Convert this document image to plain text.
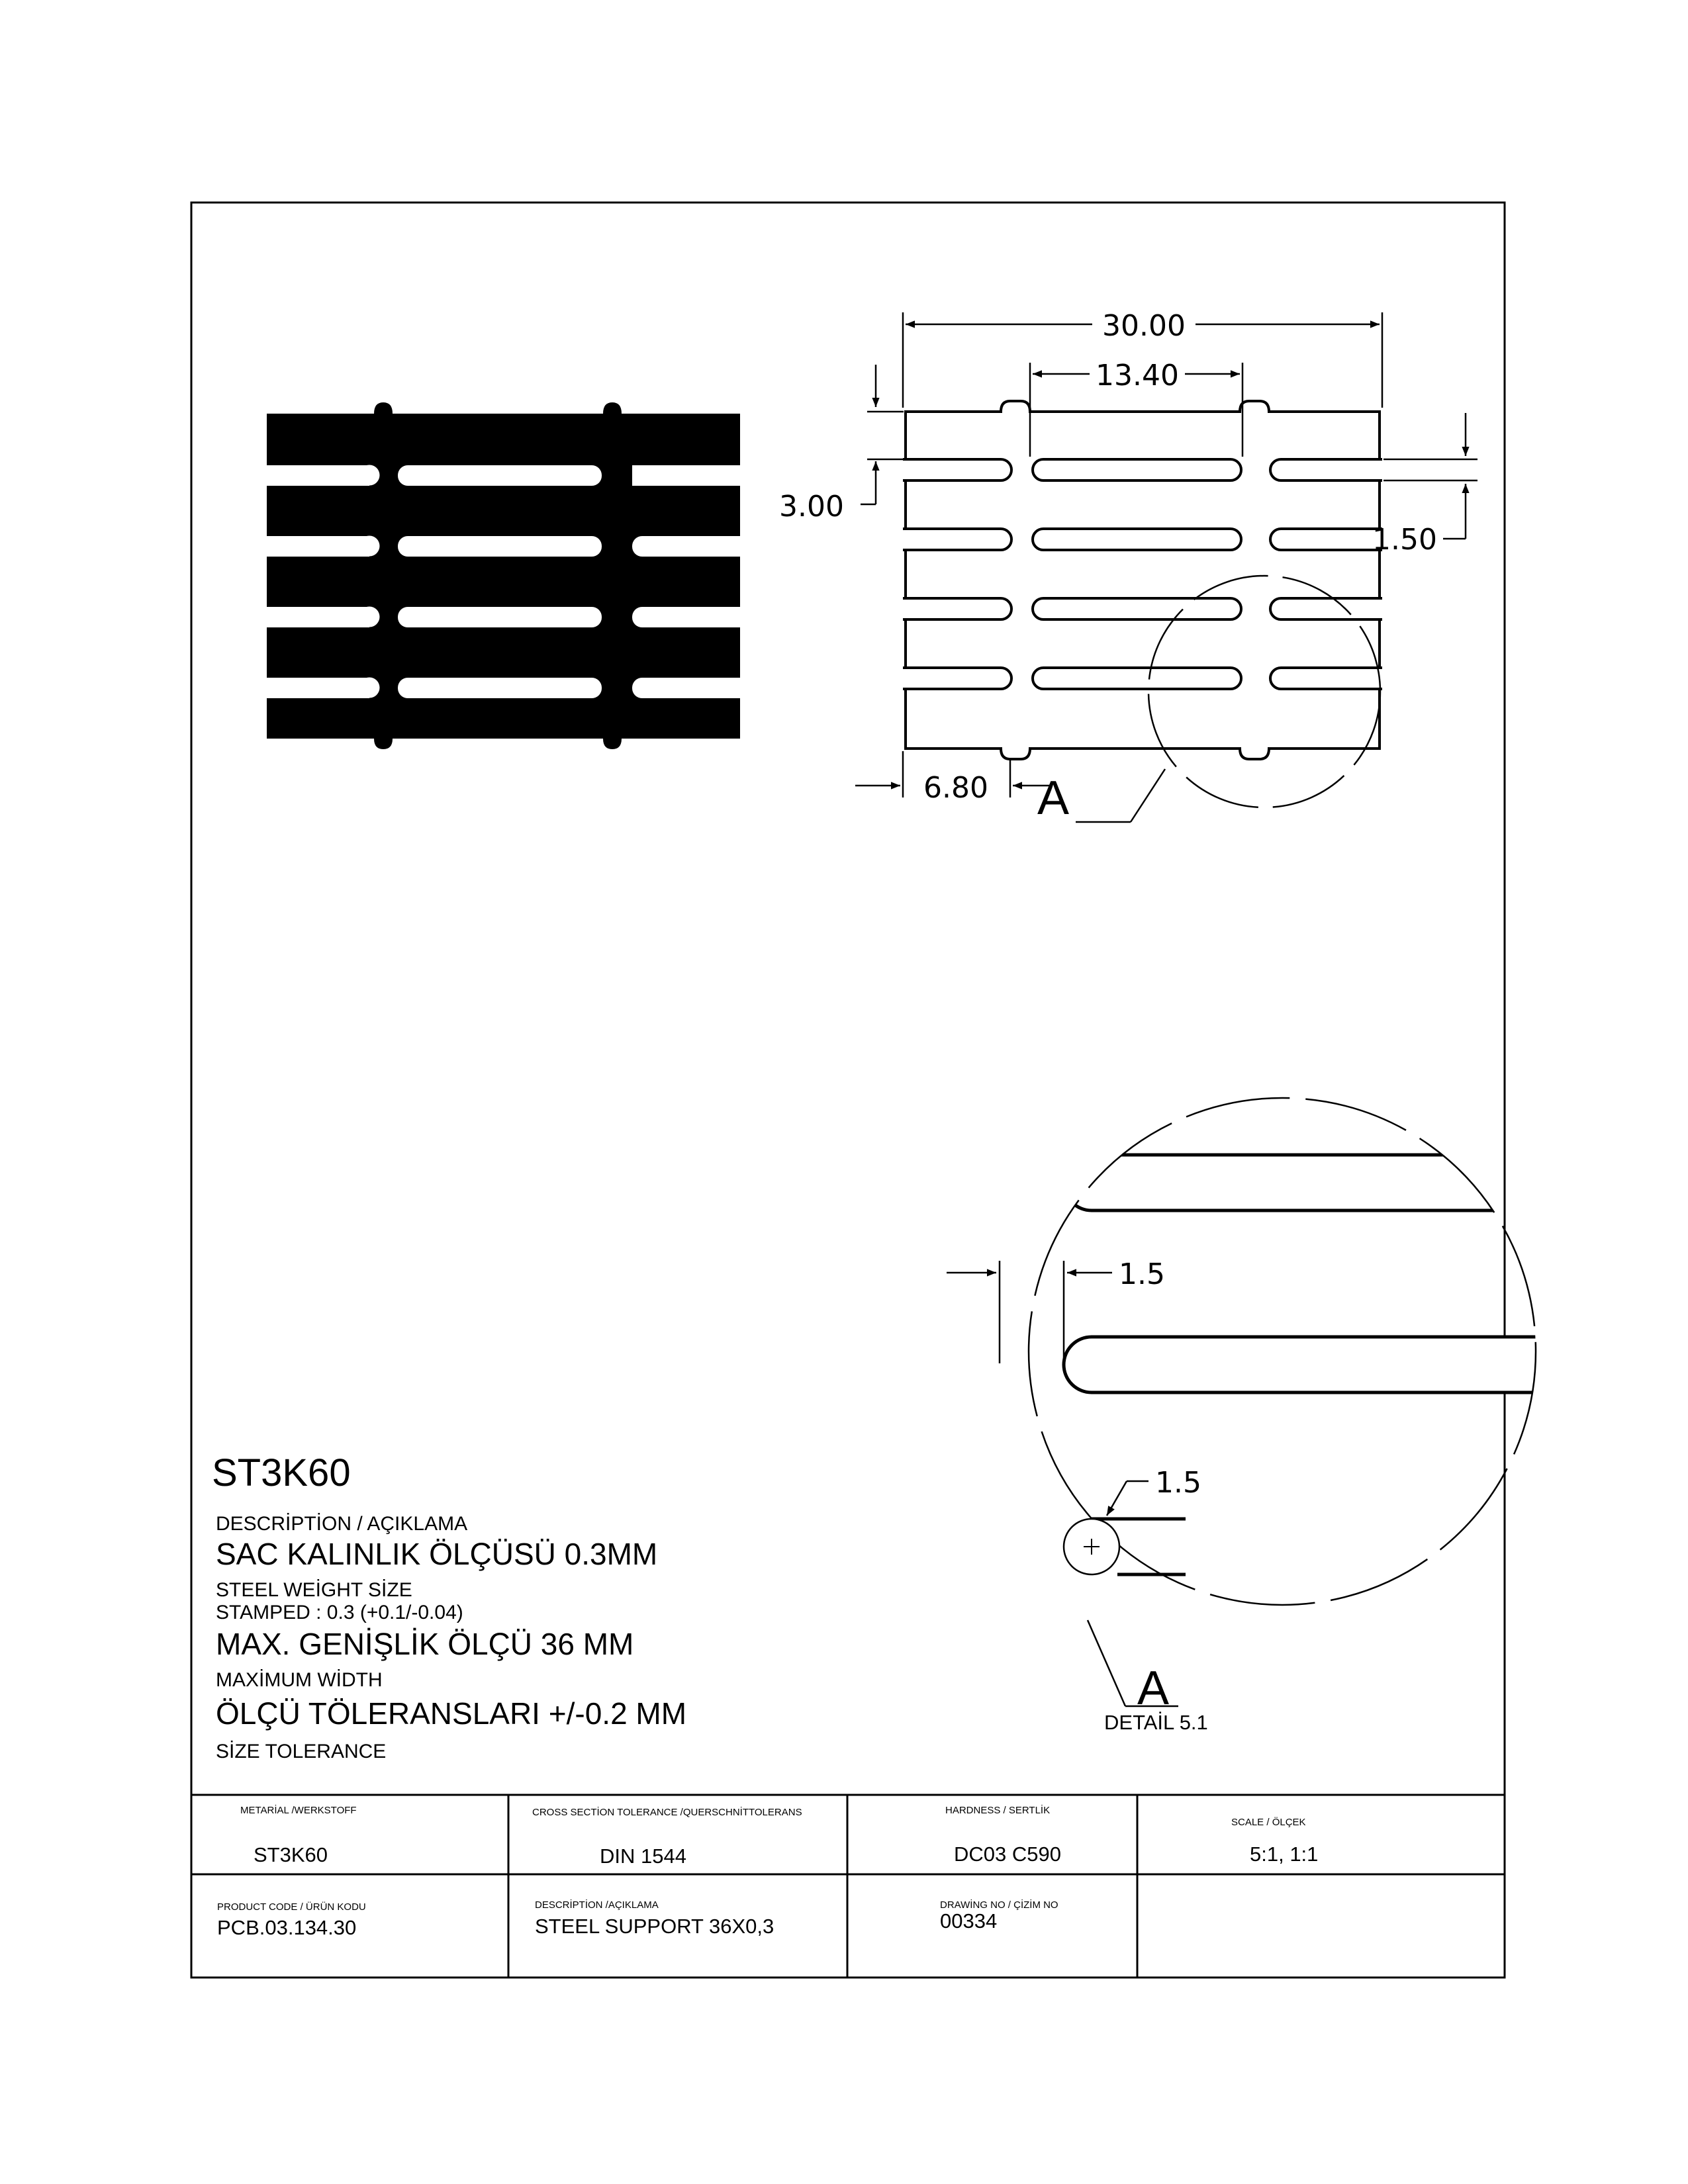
30.00
13.40
3.00
1.50
6.80 A
1.5
1.5
A
DETAİL 5.1
ST3K60
DESCRİPTİON / AÇIKLAMA
SAC KALINLIK ÖLÇÜSÜ 0.3MM
STEEL WEİGHT SİZE
STAMPED : 0.3 (+0.1/-0.04)
MAX. GENİŞLİK ÖLÇÜ 36 MM
MAXİMUM WİDTH
ÖLÇÜ TÖLERANSLARI +/-0.2 MM
SİZE TOLERANCE
METARİAL /WERKSTOFF
ST3K60
CROSS SECTİON TOLERANCE /QUERSCHNİTTOLERANS
DIN 1544
HARDNESS / SERTLİK
DC03 C590
SCALE / ÖLÇEK
5:1, 1:1
PRODUCT CODE / ÜRÜN KODU
PCB.03.134.30
DESCRİPTİON /AÇIKLAMA
STEEL SUPPORT 36X0,3
DRAWİNG NO / ÇİZİM NO
00334
